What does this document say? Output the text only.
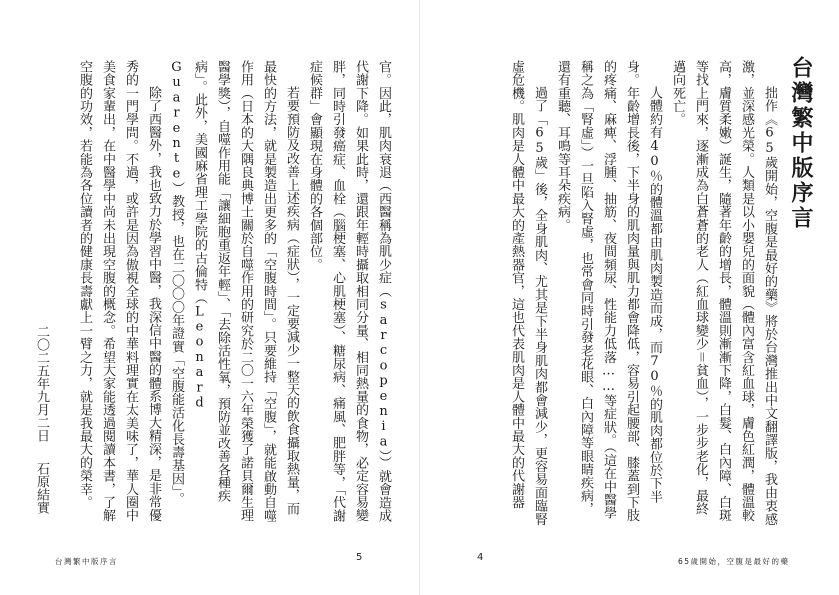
官。因此，肌肉衰退（西醫稱為肌少症（sarcopenia））就會造成代謝下降。如果此時，還跟年輕時攝取相同分量、相同熱量的食物，必定容易變胖，同時引發癌症、血栓（腦梗塞、心肌梗塞）、糖尿病、痛風、肥胖等，「代謝症候群」會顯現在身體的各個部位。

若要預防及改善上述疾病（症狀），一定要減少一整天的飲食攝取熱量，而最快的方法，就是製造出更多的「空腹時間」。只要維持「空腹」，就能啟動自噬作用（日本的大隅良典博士關於自噬作用的研究於二〇一六年榮獲了諾貝爾生理醫學獎），自噬作用能「讓細胞重返年輕」、「去除活性氧，預防並改善各種疾病」。此外，美國麻省理工學院的古倫特（Leonard Guarente）教授，也在二〇〇〇年證實「空腹能活化長壽基因」。

除了西醫外，我也致力於學習中醫，我深信中醫的體系博大精深，是非常優秀的一門學問。不過，或許是因為傲視全球的中華料理實在太美味了，華人圈中美食家輩出，在中醫學中尚未出現空腹的概念。希望大家能透過閱讀本書，了解空腹的功效，若能為各位讀者的健康長壽獻上一臂之力，就是我最大的榮幸。

二〇二五年九月二日
石原結實
台灣繁中版序言	5
台灣繁中版序言

拙作《65歲開始，空腹是最好的藥》將於台灣推出中文翻譯版，我由衷感激，並深感光榮。人類是以小嬰兒的面貌（體內富含紅血球，膚色紅潤，體溫較高，膚質柔嫩）誕生，隨著年齡的增長，體溫則漸漸下降，白髮、白內障、白斑等找上門來，逐漸成為白蒼蒼的老人（紅血球變少＝貧血），一步步老化，最終邁向死亡。

人體約有40％的體溫都由肌肉製造而成，而70％的肌肉都位於下半身。年齡增長後，下半身的肌肉量與肌力都會降低，容易引起腰部、膝蓋到下肢的疼痛、麻痺、浮腫、抽筋、夜間頻尿、性能力低落……等症狀。（這在中醫學稱之為「腎虛」）一旦陷入腎虛，也常會同時引發老花眼、白內障等眼睛疾病，還有重聽、耳鳴等耳朵疾病。

過了「65歲」後，全身肌肉、尤其是下半身肌肉都會減少，更容易面臨腎虛危機。肌肉是人體中最大的產熱器官，這也代表肌肉是人體中最大的代謝器

4	65歲開始，空腹是最好的藥
